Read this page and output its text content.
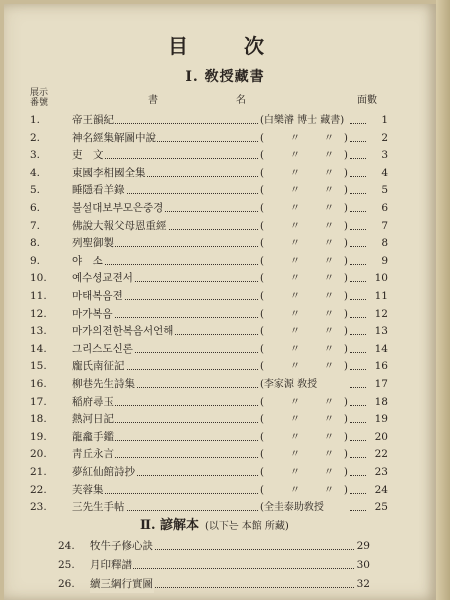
目　次
Ⅰ. 敎授藏書
展示
番號	書名	面數
1.	帝王韻紀	(白樂濬 博士 藏書)	1
2.	神名經集解圖中說	(	〃 〃 )	2
3.	吏　文	(	〃 〃 )	3
4.	東國李相國全集	(	〃 〃 )	4
5.	睡隱看羊錄	(	〃 〃 )	5
6.	불설대보부모은중경	(	〃 〃 )	6
7.	佛說大報父母恩重經	(	〃 〃 )	7
8.	列聖御製	(	〃 〃 )	8
9.	야　소	(	〃 〃 )	9
10.	예수셩교젼서	(	〃 〃 )	10
11.	마태복음젼	(	〃 〃 )	11
12.	마가복음	(	〃 〃 )	12
13.	마가의젼한복음서언해	(	〃 〃 )	13
14.	그리스도신론	(	〃 〃 )	14
15.	龐氏南征記	(	〃 〃 )	16
16.	柳巷先生詩集	(李家源 敎授	17
17.	稲府尋玉	(	〃 〃 )	18
18.	熱河日記	(	〃 〃 )	19
19.	龍龕手鑑	(	〃 〃 )	20
20.	靑丘永言	(	〃 〃 )	22
21.	夢紅仙館詩抄	(	〃 〃 )	23
22.	芙蓉集	(	〃 〃 )	24
23.	三先生手帖	(全圭泰助敎授	25
Ⅱ. 諺解本 (以下는 本館 所藏)
24.	牧牛子修心訣	29
25.	月印釋譜	30
26.	續三綱行實圖	32
